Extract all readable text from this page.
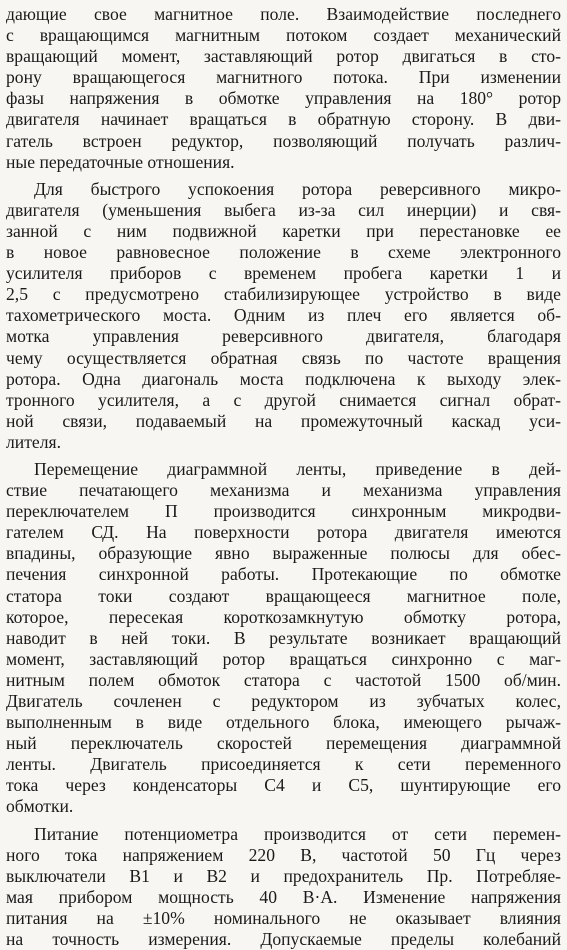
дающие свое магнитное поле. Взаимодействие последнего
с вращающимся магнитным потоком создает механический
вращающий момент, заставляющий ротор двигаться в сто-
рону вращающегося магнитного потока. При изменении
фазы напряжения в обмотке управления на 180° ротор
двигателя начинает вращаться в обратную сторону. В дви-
гатель встроен редуктор, позволяющий получать различ-
ные передаточные отношения.
Для быстрого успокоения ротора реверсивного микро-
двигателя (уменьшения выбега из-за сил инерции) и свя-
занной с ним подвижной каретки при перестановке ее
в новое равновесное положение в схеме электронного
усилителя приборов с временем пробега каретки 1 и
2,5 с предусмотрено стабилизирующее устройство в виде
тахометрического моста. Одним из плеч его является об-
мотка управления реверсивного двигателя, благодаря
чему осуществляется обратная связь по частоте вращения
ротора. Одна диагональ моста подключена к выходу элек-
тронного усилителя, а с другой снимается сигнал обрат-
ной связи, подаваемый на промежуточный каскад уси-
лителя.
Перемещение диаграммной ленты, приведение в дей-
ствие печатающего механизма и механизма управления
переключателем П производится синхронным микродви-
гателем СД. На поверхности ротора двигателя имеются
впадины, образующие явно выраженные полюсы для обес-
печения синхронной работы. Протекающие по обмотке
статора токи создают вращающееся магнитное поле,
которое, пересекая короткозамкнутую обмотку ротора,
наводит в ней токи. В результате возникает вращающий
момент, заставляющий ротор вращаться синхронно с маг-
нитным полем обмоток статора с частотой 1500 об/мин.
Двигатель сочленен с редуктором из зубчатых колес,
выполненным в виде отдельного блока, имеющего рычаж-
ный переключатель скоростей перемещения диаграммной
ленты. Двигатель присоединяется к сети переменного
тока через конденсаторы С4 и С5, шунтирующие его
обмотки.
Питание потенциометра производится от сети перемен-
ного тока напряжением 220 В, частотой 50 Гц через
выключатели В1 и В2 и предохранитель Пр. Потребляе-
мая прибором мощность 40 В·А. Изменение напряжения
питания на ±10% номинального не оказывает влияния
на точность измерения. Допускаемые пределы колебаний
